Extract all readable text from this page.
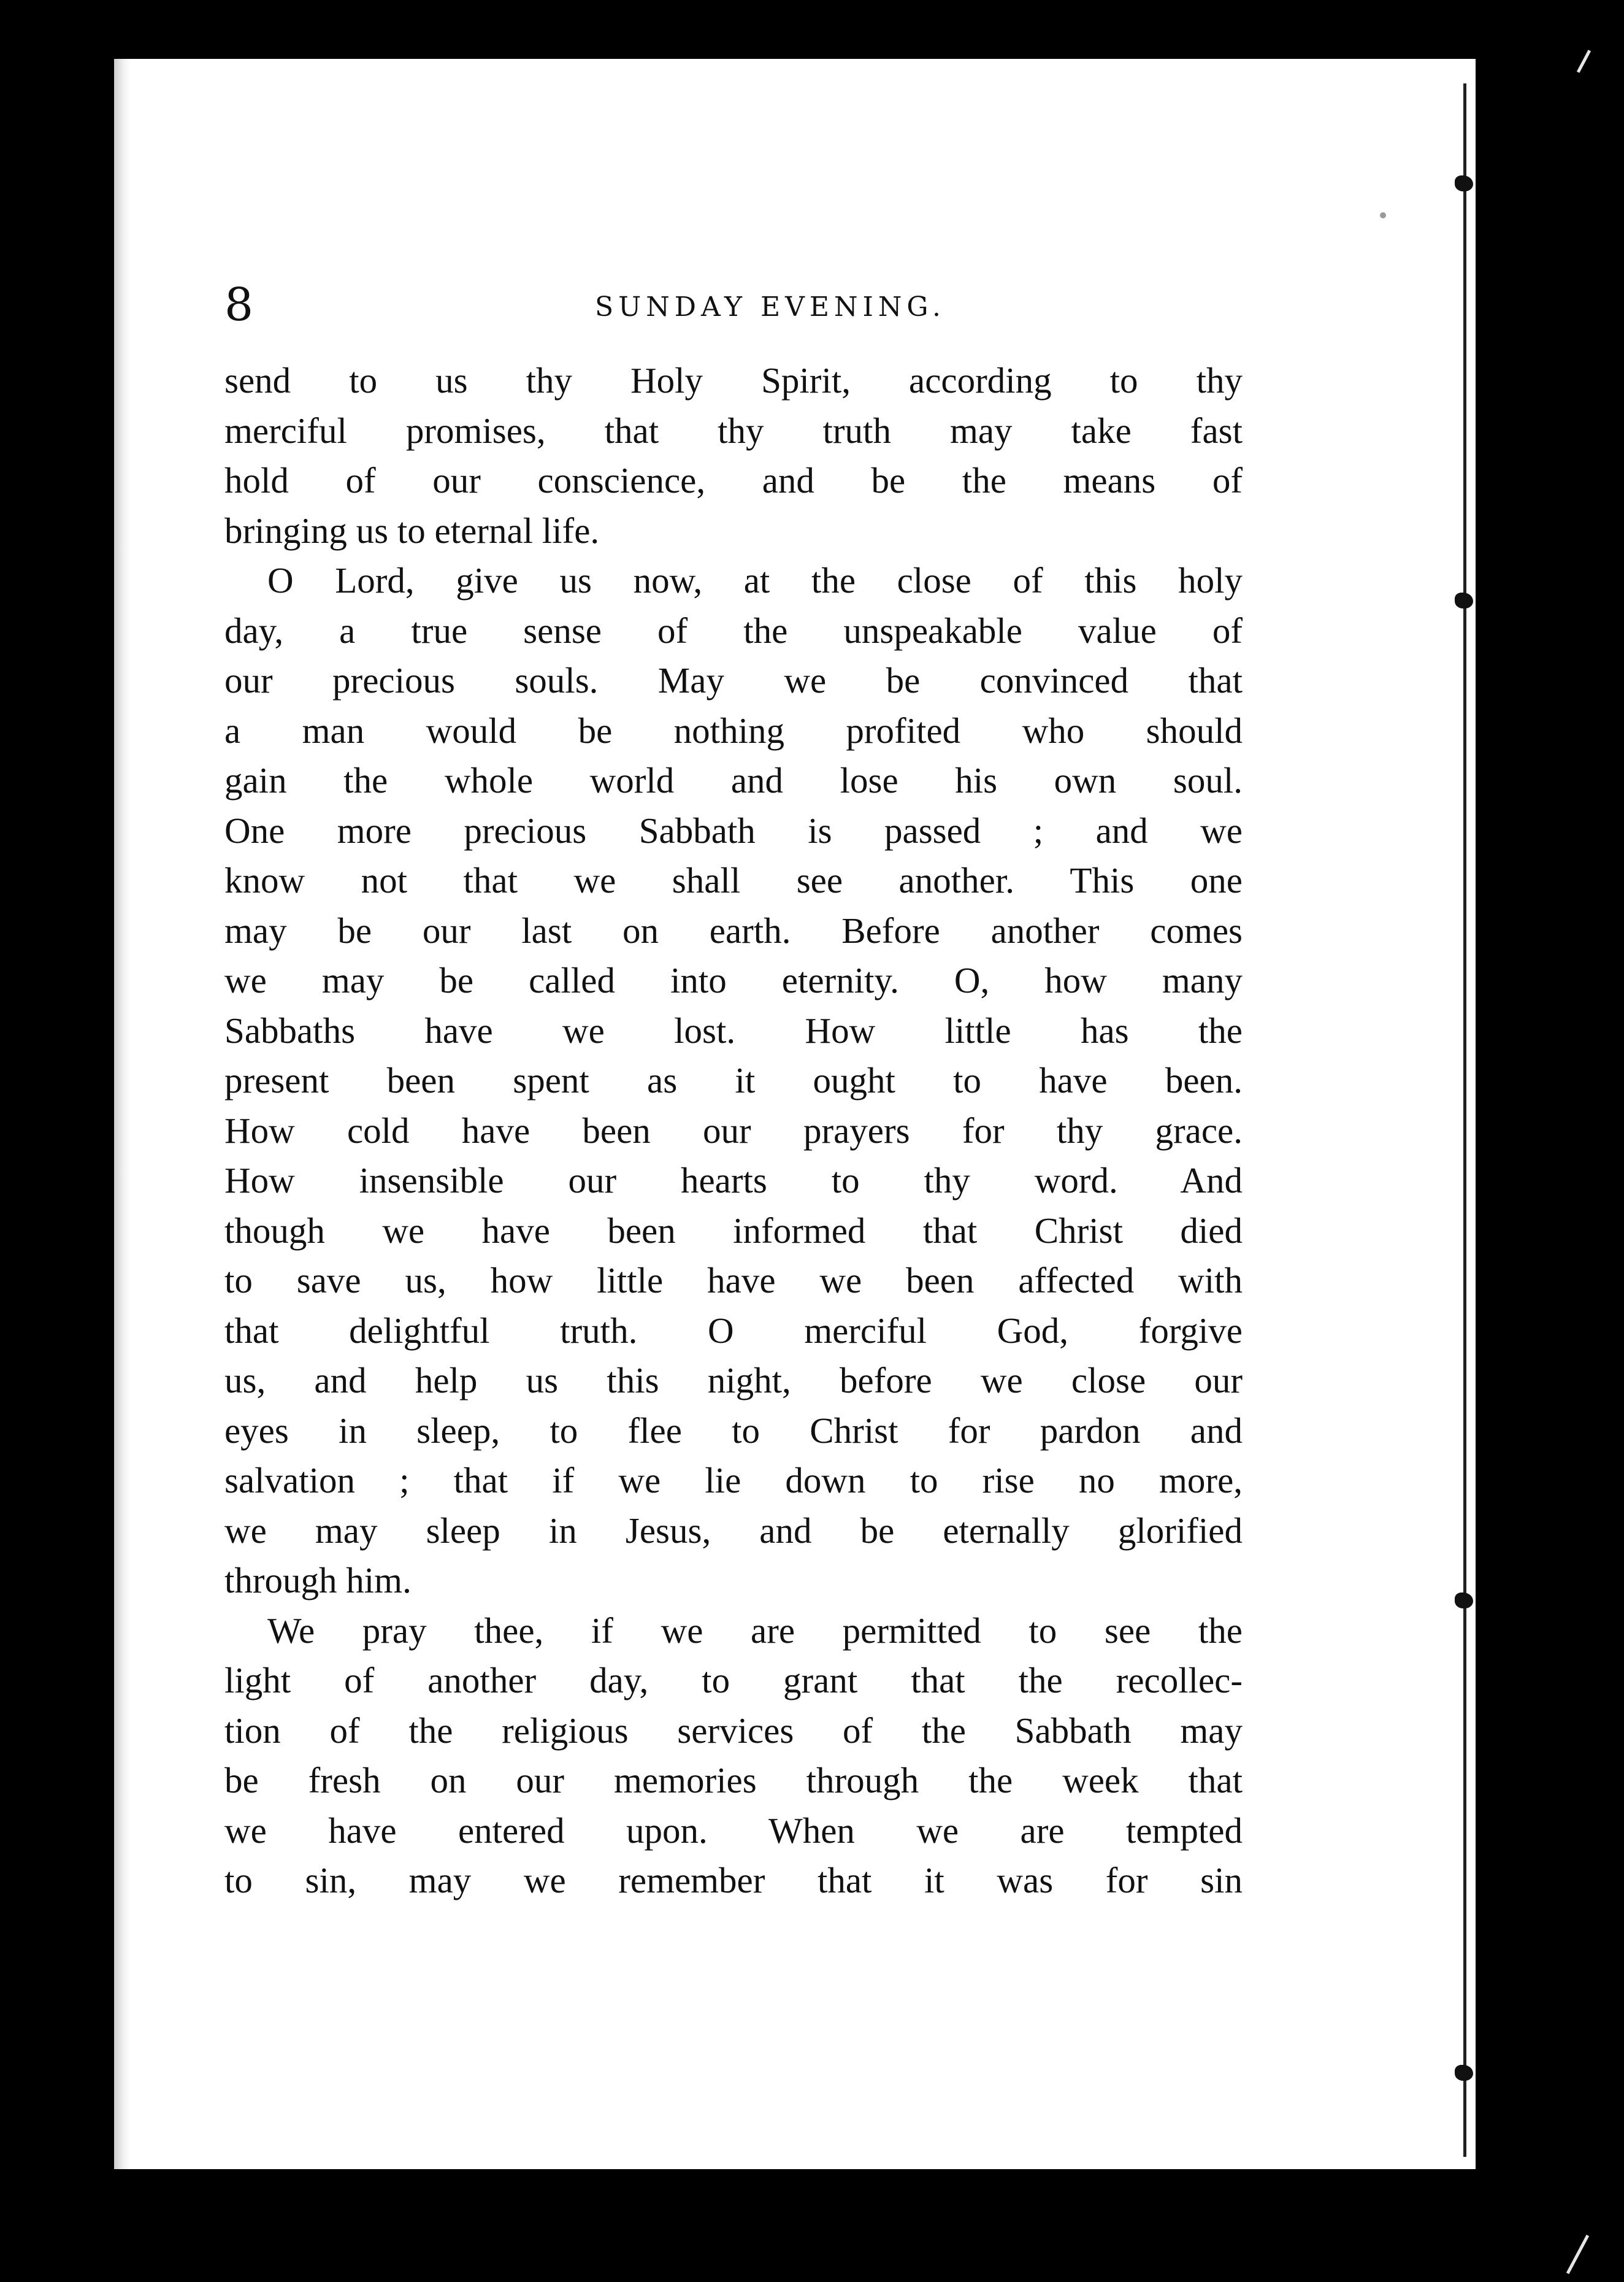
8	SUNDAY EVENING.

send to us thy Holy Spirit, according to thy
merciful promises, that thy truth may take fast
hold of our conscience, and be the means of
bringing us to eternal life.

O Lord, give us now, at the close of this holy
day, a true sense of the unspeakable value of
our precious souls. May we be convinced that
a man would be nothing profited who should
gain the whole world and lose his own soul.
One more precious Sabbath is passed ; and we
know not that we shall see another. This one
may be our last on earth. Before another comes
we may be called into eternity. O, how many
Sabbaths have we lost. How little has the
present been spent as it ought to have been.
How cold have been our prayers for thy grace.
How insensible our hearts to thy word. And
though we have been informed that Christ died
to save us, how little have we been affected with
that delightful truth. O merciful God, forgive
us, and help us this night, before we close our
eyes in sleep, to flee to Christ for pardon and
salvation ; that if we lie down to rise no more,
we may sleep in Jesus, and be eternally glorified
through him.

We pray thee, if we are permitted to see the
light of another day, to grant that the recollec-
tion of the religious services of the Sabbath may
be fresh on our memories through the week that
we have entered upon. When we are tempted
to sin, may we remember that it was for sin
